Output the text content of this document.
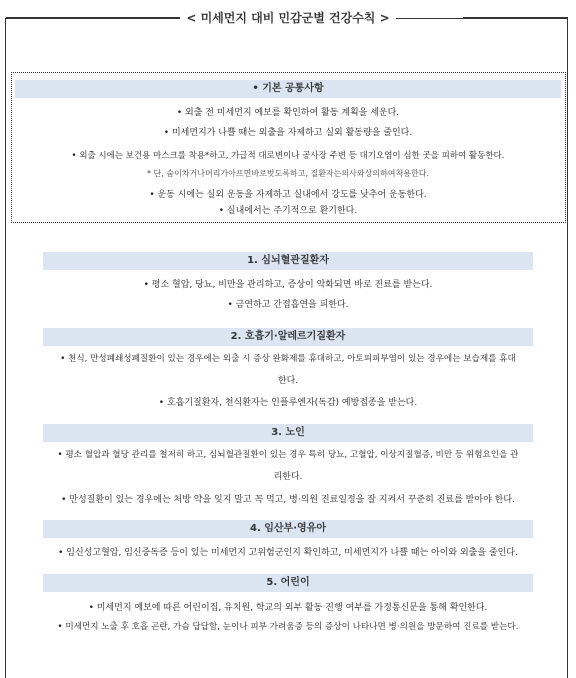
< 미세먼지 대비 민감군별 건강수칙 >
• 기본 공통사항
• 외출 전 미세먼지 예보를 확인하여 활동 계획을 세운다.
• 미세먼지가 나쁠 때는 외출을 자제하고 실외 활동량을 줄인다.
• 외출 시에는 보건용 마스크를 착용*하고, 가급적 대로변이나 공사장 주변 등 대기오염이 심한 곳을 피하여 활동한다.
* 단, 숨이차거나머리가아프면바로벗도록하고, 질환자는의사와상의하여착용한다.
• 운동 시에는 실외 운동을 자제하고 실내에서 강도를 낮추어 운동한다.
• 실내에서는 주기적으로 환기한다.
1. 심뇌혈관질환자
• 평소 혈압, 당뇨, 비만을 관리하고, 증상이 악화되면 바로 진료를 받는다.
• 금연하고 간접흡연을 피한다.
2. 호흡기·알레르기질환자
• 천식, 만성폐쇄성폐질환이 있는 경우에는 외출 시 증상 완화제를 휴대하고, 아토피피부염이 있는 경우에는 보습제를 휴대
한다.
• 호흡기질환자, 천식환자는 인플루엔자(독감) 예방접종을 받는다.
3. 노인
• 평소 혈압과 혈당 관리를 철저히 하고, 심뇌혈관질환이 있는 경우 특히 당뇨, 고혈압, 이상지질혈증, 비만 등 위험요인을 관
리한다.
• 만성질환이 있는 경우에는 처방 약을 잊지 말고 꼭 먹고, 병·의원 진료일정을 잘 지켜서 꾸준히 진료를 받아야 한다.
4. 임산부·영유아
• 임신성고혈압, 임신중독증 등이 있는 미세먼지 고위험군인지 확인하고, 미세먼지가 나쁠 때는 아이와 외출을 줄인다.
5. 어린이
• 미세먼지 예보에 따른 어린이집, 유치원, 학교의 외부 활동 진행 여부를 가정통신문을 통해 확인한다.
• 미세먼지 노출 후 호흡 곤란, 가슴 답답함, 눈이나 피부 가려움증 등의 증상이 나타나면 병·의원을 방문하여 진료를 받는다.
